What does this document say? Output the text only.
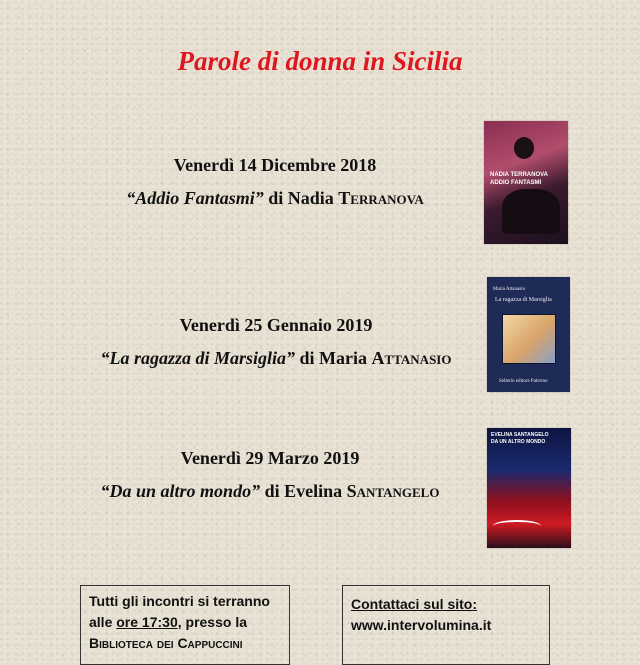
Parole di donna in Sicilia
Venerdì 14 Dicembre 2018
“Addio Fantasmi” di Nadia Terranova
NADIA TERRANOVA
ADDIO FANTASMI
Venerdì 25 Gennaio 2019
“La ragazza di Marsiglia” di Maria Attanasio
Maria Attanasio
La ragazza di Marsiglia
Sellerio editore Palermo
Venerdì 29 Marzo 2019
“Da un altro mondo” di Evelina Santangelo
EVELINA SANTANGELO
DA UN ALTRO MONDO
Tutti gli incontri si terranno
alle ore 17:30, presso la
Biblioteca dei Cappuccini
Contattaci sul sito:
www.intervolumina.it
